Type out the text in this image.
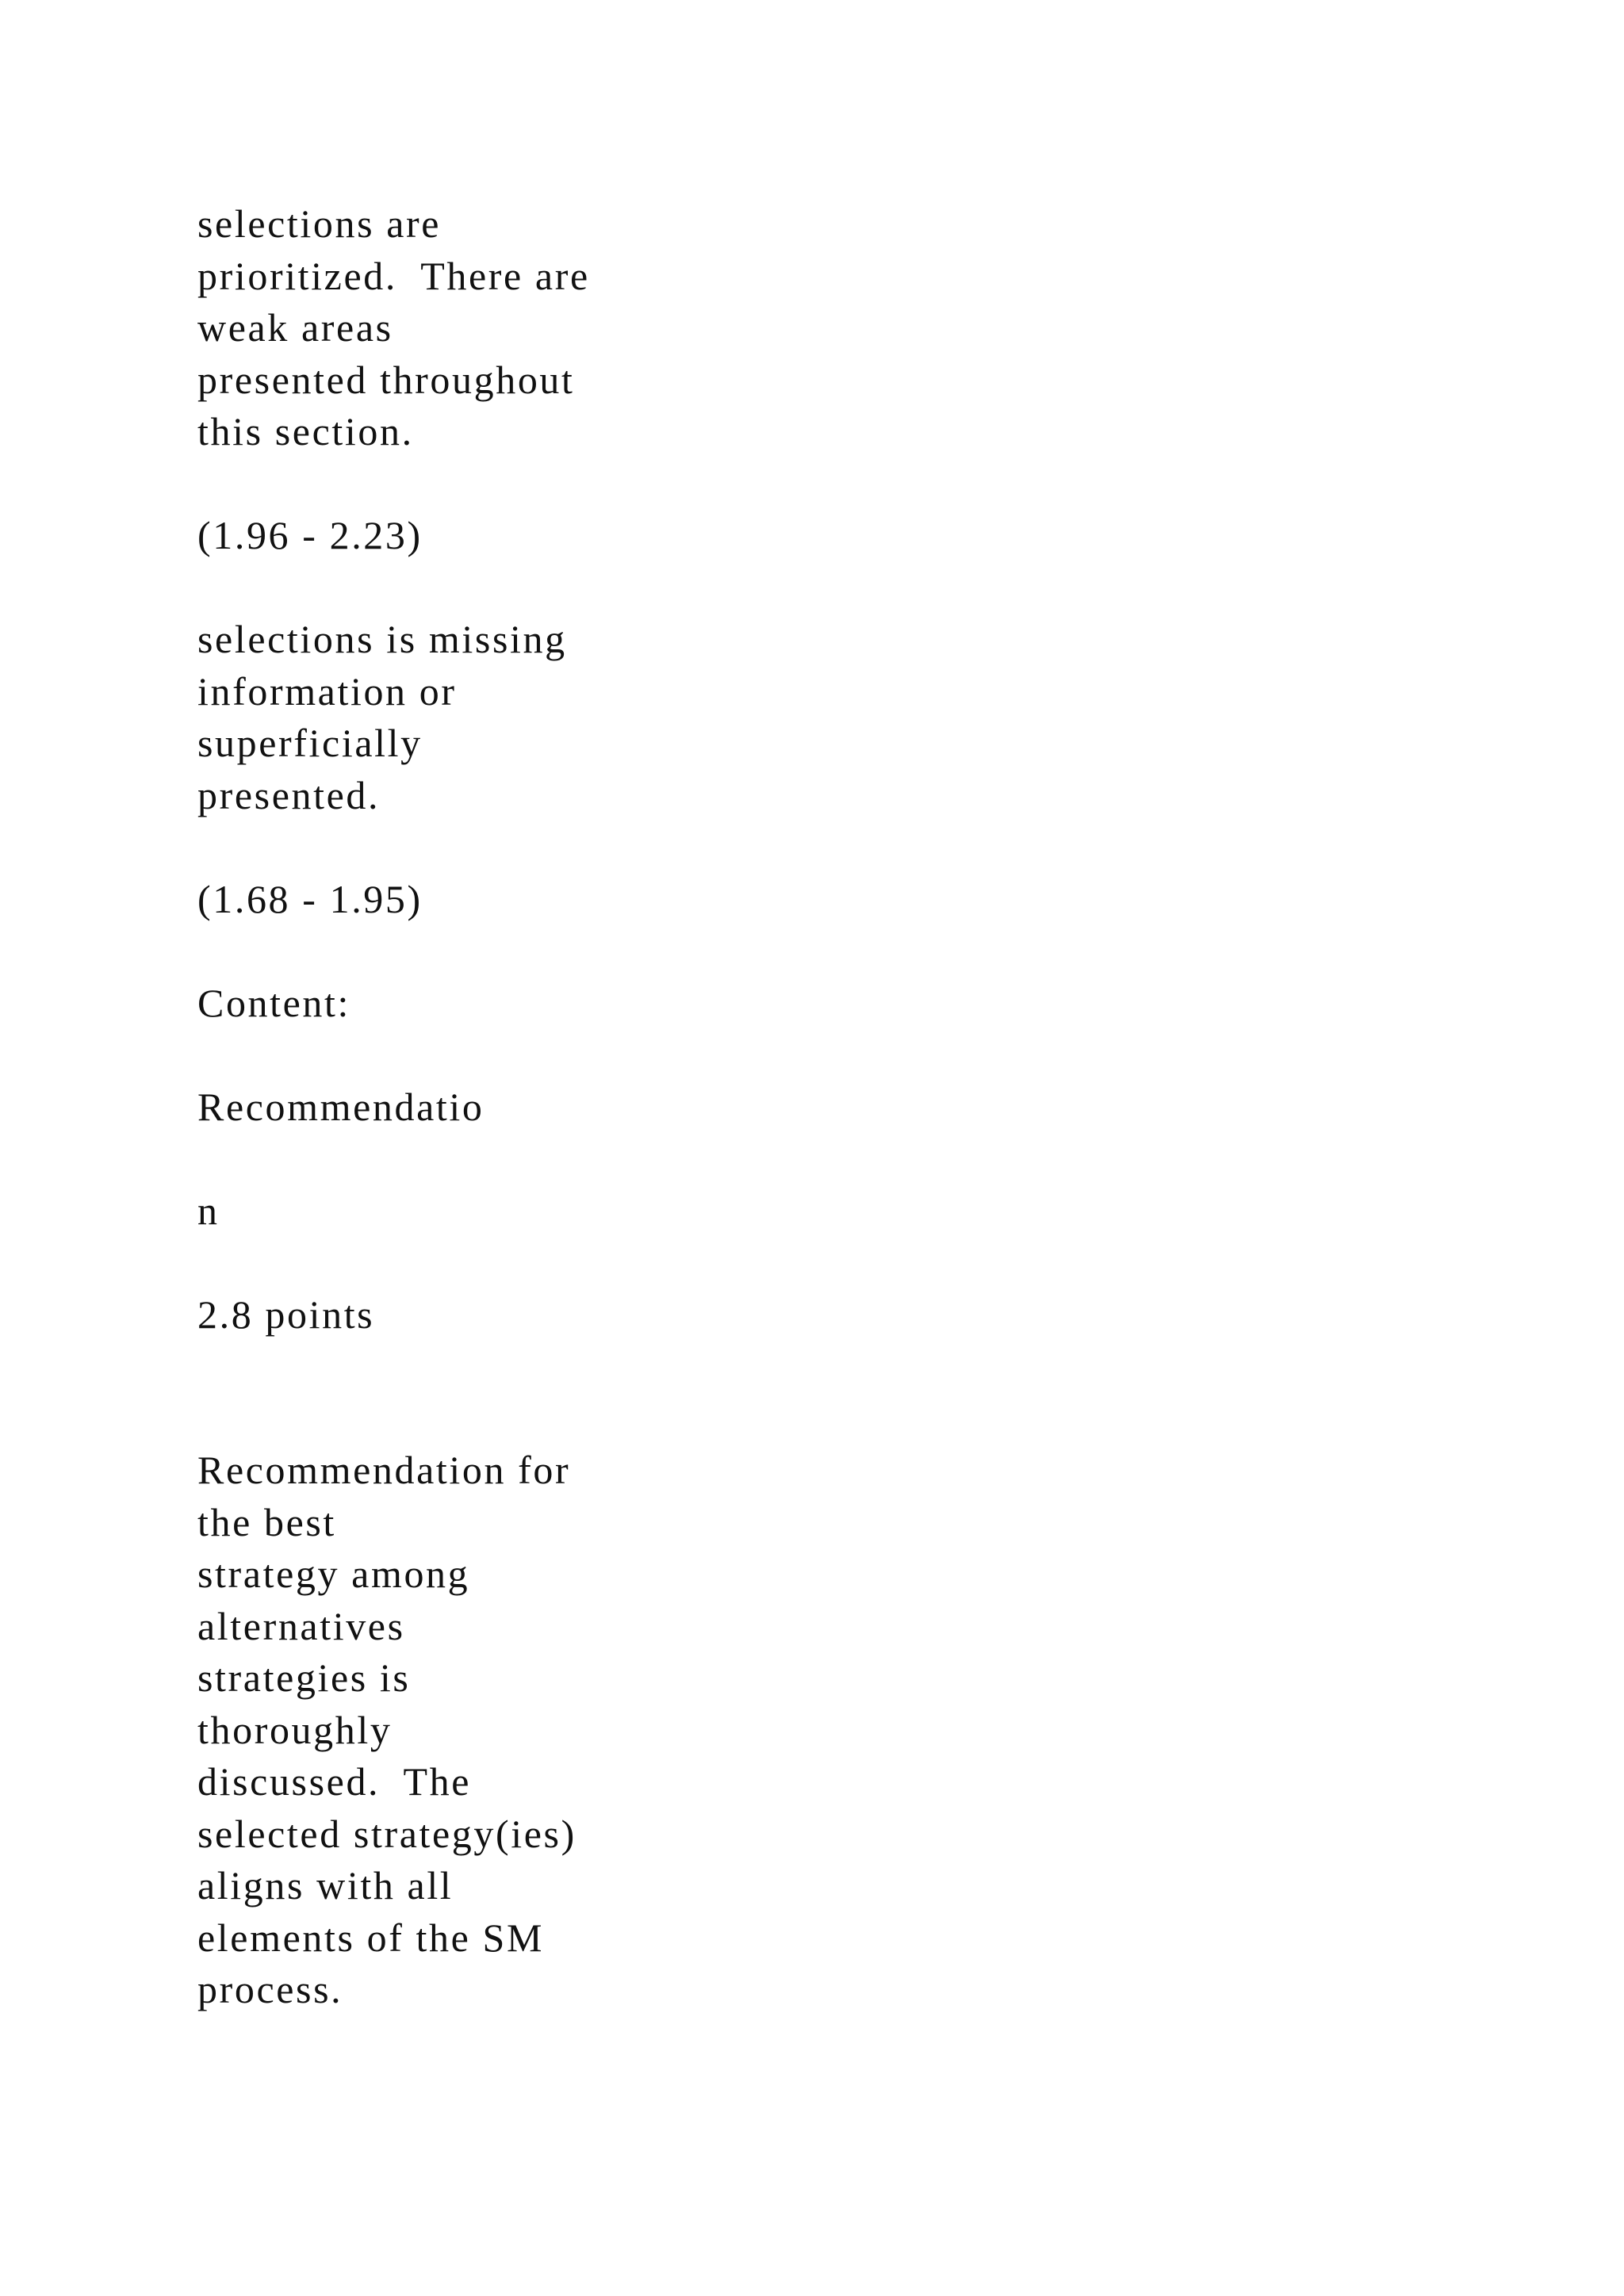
selections are
prioritized.  There are
weak areas
presented throughout
this section.
(1.96 - 2.23)
selections is missing
information or
superficially
presented.
(1.68 - 1.95)
Content:
Recommendatio
n
2.8 points
Recommendation for
the best
strategy among
alternatives
strategies is
thoroughly
discussed.  The
selected strategy(ies)
aligns with all
elements of the SM
process.
